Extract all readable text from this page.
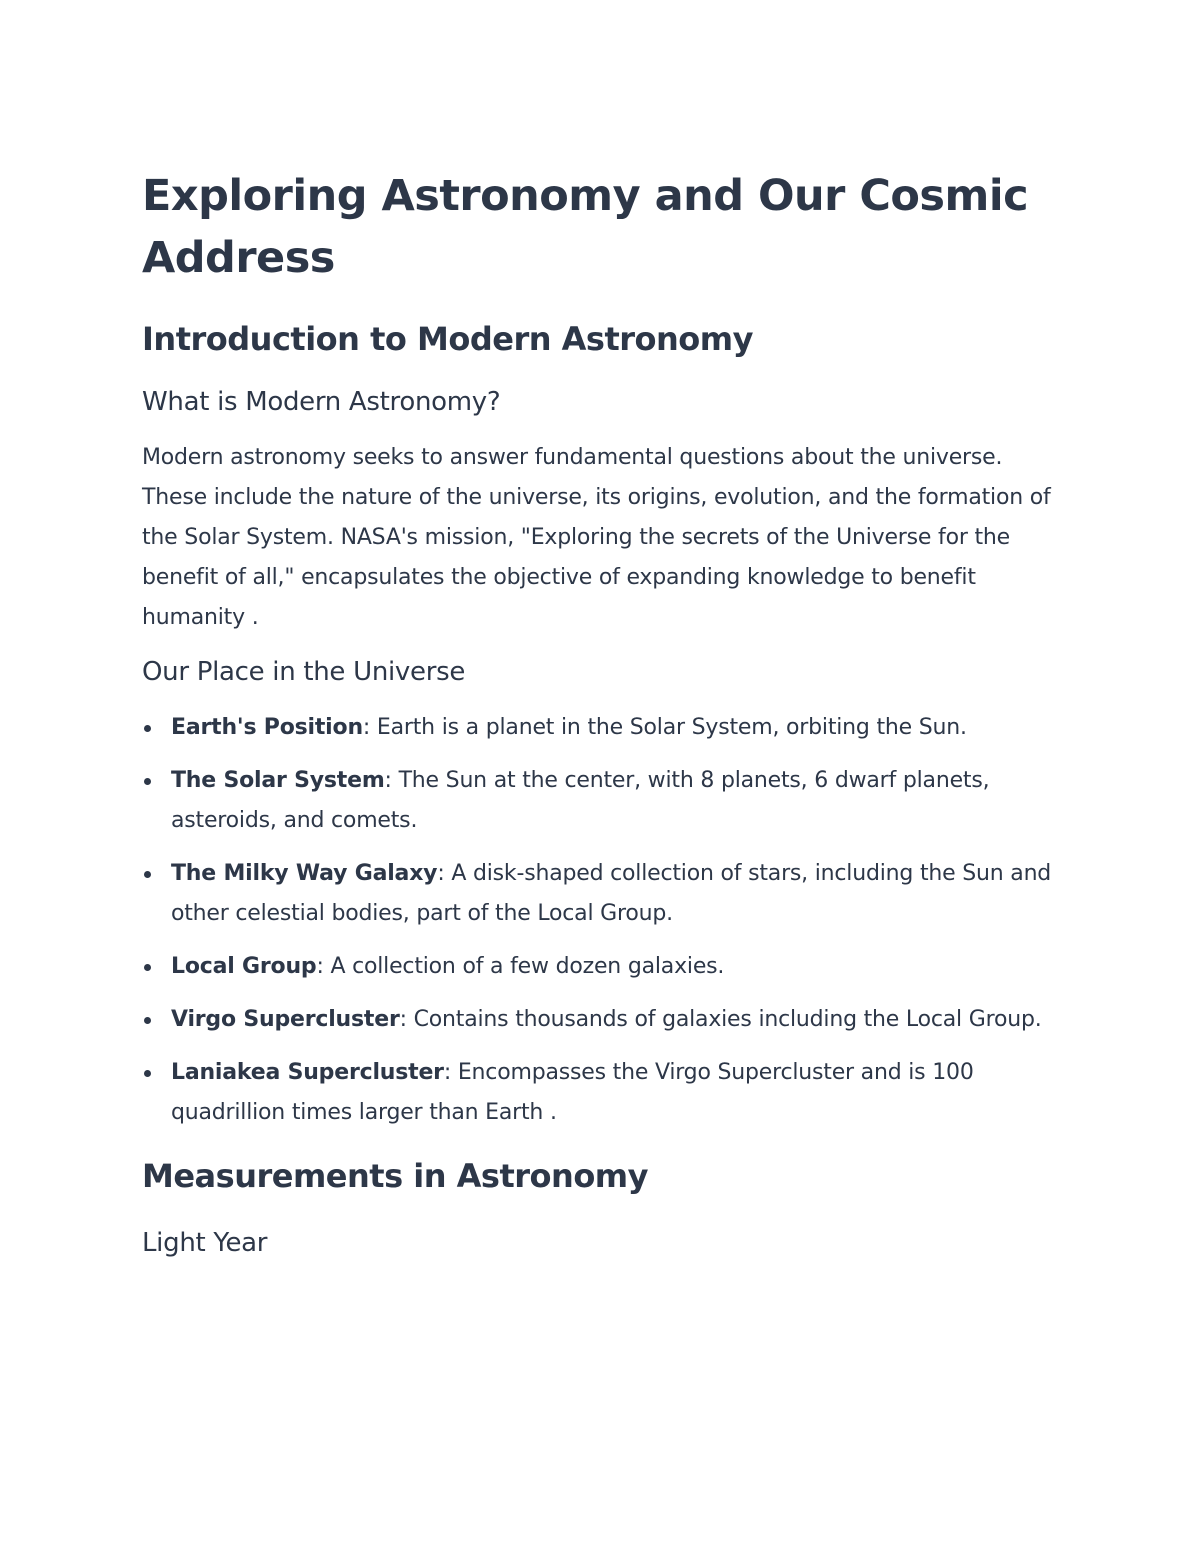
Exploring Astronomy and Our Cosmic Address
Introduction to Modern Astronomy
What is Modern Astronomy?

Modern astronomy seeks to answer fundamental questions about the universe. These include the nature of the universe, its origins, evolution, and the formation of the Solar System. NASA's mission, "Exploring the secrets of the Universe for the benefit of all," encapsulates the objective of expanding knowledge to benefit humanity .

Our Place in the Universe
Earth's Position: Earth is a planet in the Solar System, orbiting the Sun.
The Solar System: The Sun at the center, with 8 planets, 6 dwarf planets, asteroids, and comets.
The Milky Way Galaxy: A disk-shaped collection of stars, including the Sun and other celestial bodies, part of the Local Group.
Local Group: A collection of a few dozen galaxies.
Virgo Supercluster: Contains thousands of galaxies including the Local Group.
Laniakea Supercluster: Encompasses the Virgo Supercluster and is 100 quadrillion times larger than Earth .
Measurements in Astronomy
Light Year
